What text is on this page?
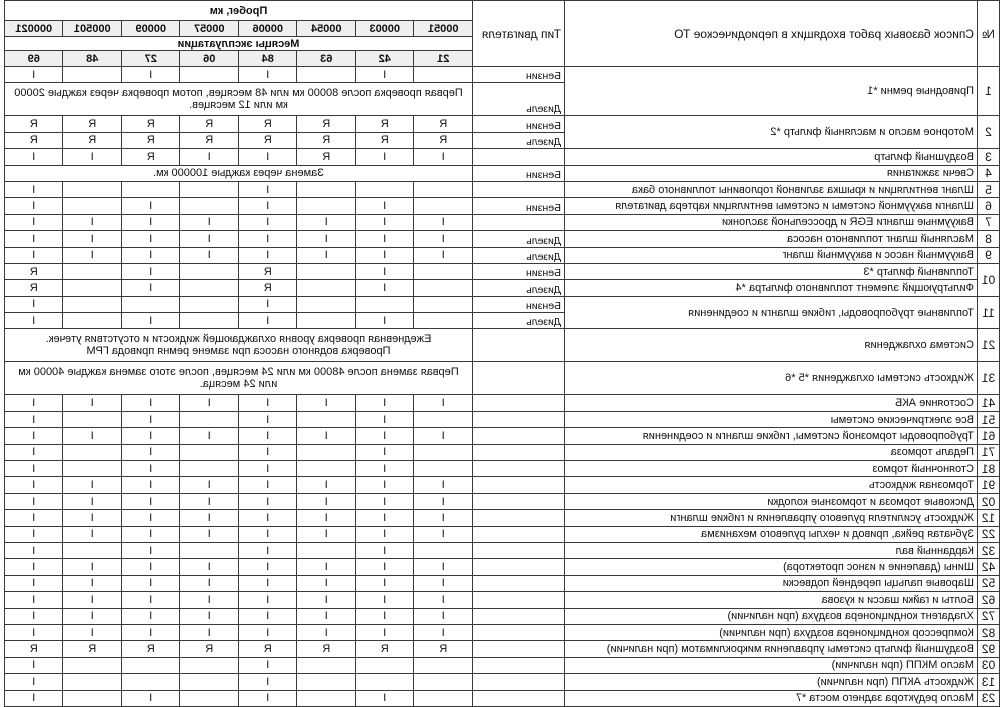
№	Список базовых работ входящих в периодическое ТО	Тип двигателя	Пробег, км							
			15000	30000	45000	60000	75000	90000	105000	120000
			Месяцы эксплуатации							
			12	24	36	48	60	72	84	96
1	Приводные ремни *1	Бензин		I		I		I		I
		Дизель	Первая проверка после 80000 км или 48 месяцев, потом проверка через каждые 20000 км или 12 месяцев.							
2	Моторное масло и масляный фильтр *2	Бензин	R	R	R	R	R	R	R	R
		Дизель	R	R	R	R	R	R	R	R
3	Воздушный фильтр		I	I	R	I	I	R	I	I
4	Свечи зажигания	Бензин	Замена через каждые 100000 км.							
5	Шланг вентиляции и крышка заливной горловины топливного бака					I				I
6	Шланги вакуумной системы и системы вентиляции картера двигателя	Бензин		I		I		I		I
7	Вакуумные шланги EGR и дроссельной заслонки		I	I	I	I	I	I	I	I
8	Масляный шланг топливного насоса	Дизель	I	I	I	I	I	I	I	I
9	Вакуумный насос и вакуумный шланг	Дизель	I	I	I	I	I	I	I	I
10	Топливный фильтр *3	Бензин		I		R		I		R
	Фильтрующий элемент топливного фильтра *4	Дизель		I		R		I		R
11	Топливные трубопроводы, гибкие шланги и соединения	Бензин				I				I
		Дизель		I		I		I		I
12	Система охлаждения		Ежедневная проверка уровня охлаждающей жидкости и отсутствия утечек.
Проверка водяного насоса при замене ремня привода ГРМ							
13	Жидкость системы охлаждения *5 *6		Первая замена после 48000 км или 24 месяцев, после этого замена каждые 40000 км или 24 месяца.							
14	Состояние АКБ		I	I	I	I	I	I	I	I
15	Все электрические системы			I		I		I		I
16	Трубопроводы тормозной системы, гибкие шланги и соединения		I	I	I	I	I	I	I	I
17	Педаль тормоза			I		I		I		I
18	Стояночный тормоз			I		I		I		I
19	Тормозная жидкость		I	I	I	I	I	I	I	I
20	Дисковые тормоза и тормозные колодки		I	I	I	I	I	I	I	I
21	Жидкость усилителя рулевого управления и гибкие шланги		I	I	I	I	I	I	I	I
22	Зубчатая рейка, привод и чехлы рулевого механизма		I	I	I	I	I	I	I	I
23	Карданный вал			I		I		I		I
24	Шины (давление и износ протектора)		I	I	I	I	I	I	I	I
25	Шаровые пальцы передней подвески		I	I	I	I	I	I	I	I
26	Болты и гайки шасси и кузова		I	I	I	I	I	I	I	I
27	Хладагент кондиционера воздуха (при наличии)		I	I	I	I	I	I	I	I
28	Компрессор кондиционера воздуха (при наличии)		I	I	I	I	I	I	I	I
29	Воздушный фильтр системы управления микроклиматом (при наличии)		R	R	R	R	R	R	R	R
30	Масло МКПП (при наличии)					I				I
31	Жидкость АКПП (при наличии)					I				I
32	Масло редуктора заднего моста *7			I		I		I		I
